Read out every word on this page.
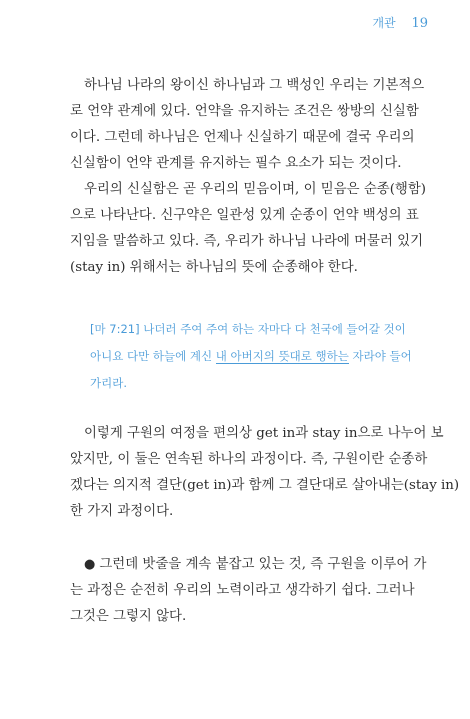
개관 19
하나님 나라의 왕이신 하나님과 그 백성인 우리는 기본적으
로 언약 관계에 있다. 언약을 유지하는 조건은 쌍방의 신실함
이다. 그런데 하나님은 언제나 신실하기 때문에 결국 우리의
신실함이 언약 관계를 유지하는 필수 요소가 되는 것이다.
우리의 신실함은 곧 우리의 믿음이며, 이 믿음은 순종(행함)
으로 나타난다. 신구약은 일관성 있게 순종이 언약 백성의 표
지임을 말씀하고 있다. 즉, 우리가 하나님 나라에 머물러 있기
(stay in) 위해서는 하나님의 뜻에 순종해야 한다.
[마 7:21] 나더러 주여 주여 하는 자마다 다 천국에 들어갈 것이
아니요 다만 하늘에 계신 내 아버지의 뜻대로 행하는 자라야 들어
가리라.
이렇게 구원의 여정을 편의상 get in과 stay in으로 나누어 보
았지만, 이 둘은 연속된 하나의 과정이다. 즉, 구원이란 순종하
겠다는 의지적 결단(get in)과 함께 그 결단대로 살아내는(stay in)
한 가지 과정이다.
● 그런데 밧줄을 계속 붙잡고 있는 것, 즉 구원을 이루어 가
는 과정은 순전히 우리의 노력이라고 생각하기 쉽다. 그러나
그것은 그렇지 않다.
